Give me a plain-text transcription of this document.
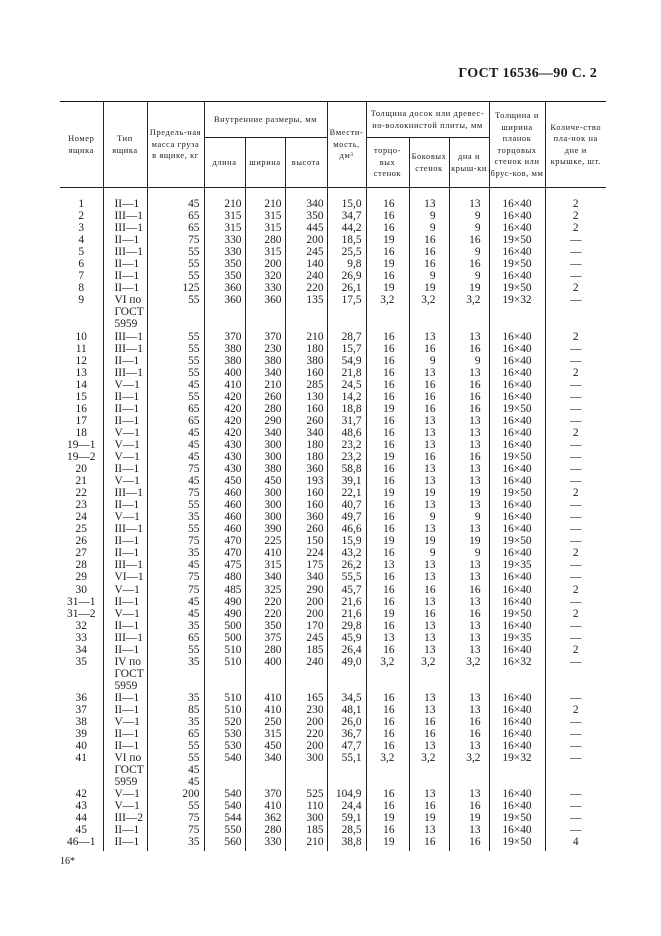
ГОСТ 16536—90 С. 2
Номер ящика	Тип ящика	Предель-ная масса груза в ящике, кг	Внутренние размеры, мм			Вмести-мость, дм³	Толщина досок или древес-но-волокнистой плиты, мм			Толщина и ширина планок торцовых стенок или брус-ков, мм	Количе-ство пла-нок на дне и крышке, шт.
			длина	ширина	высота		торцо-вых стенок	Боковых стенок	дна и крыш-ки		
1	II—1	45	210	210	340	15,0	16	13	13	16×40	2
2	III—1	65	315	315	350	34,7	16	9	9	16×40	2
3	III—1	65	315	315	445	44,2	16	9	9	16×40	2
4	II—1	75	330	280	200	18,5	19	16	16	19×50	—
5	III—1	55	330	315	245	25,5	16	16	9	16×40	—
6	II—1	55	350	200	140	9,8	19	16	16	19×50	—
7	II—1	55	350	320	240	26,9	16	9	9	16×40	—
8	II—1	125	360	330	220	26,1	19	19	19	19×50	2
9	VI по	55	360	360	135	17,5	3,2	3,2	3,2	19×32	—
	ГОСТ										
	5959										
10	III—1	55	370	370	210	28,7	16	13	13	16×40	2
11	III—1	55	380	230	180	15,7	16	16	16	16×40	—
12	II—1	55	380	380	380	54,9	16	9	9	16×40	—
13	III—1	55	400	340	160	21,8	16	13	13	16×40	2
14	V—1	45	410	210	285	24,5	16	16	16	16×40	—
15	II—1	55	420	260	130	14,2	16	16	16	16×40	—
16	II—1	65	420	280	160	18,8	19	16	16	19×50	—
17	II—1	65	420	290	260	31,7	16	13	13	16×40	—
18	V—1	45	420	340	340	48,6	16	13	13	16×40	2
19—1	V—1	45	430	300	180	23,2	16	13	13	16×40	—
19—2	V—1	45	430	300	180	23,2	19	16	16	19×50	—
20	II—1	75	430	380	360	58,8	16	13	13	16×40	—
21	V—1	45	450	450	193	39,1	16	13	13	16×40	—
22	III—1	75	460	300	160	22,1	19	19	19	19×50	2
23	II—1	55	460	300	160	40,7	16	13	13	16×40	—
24	V—1	35	460	300	360	49,7	16	9	9	16×40	—
25	III—1	55	460	390	260	46,6	16	13	13	16×40	—
26	II—1	75	470	225	150	15,9	19	19	19	19×50	—
27	II—1	35	470	410	224	43,2	16	9	9	16×40	2
28	III—1	45	475	315	175	26,2	13	13	13	19×35	—
29	VI—1	75	480	340	340	55,5	16	13	13	16×40	—
30	V—1	75	485	325	290	45,7	16	16	16	16×40	2
31—1	II—1	45	490	220	200	21,6	16	13	13	16×40	—
31—2	V—1	45	490	220	200	21,6	19	16	16	19×50	2
32	II—1	35	500	350	170	29,8	16	13	13	16×40	—
33	III—1	65	500	375	245	45,9	13	13	13	19×35	—
34	II—1	55	510	280	185	26,4	16	13	13	16×40	2
35	IV по	35	510	400	240	49,0	3,2	3,2	3,2	16×32	—
	ГОСТ										
	5959										
36	II—1	35	510	410	165	34,5	16	13	13	16×40	—
37	II—1	85	510	410	230	48,1	16	13	13	16×40	2
38	V—1	35	520	250	200	26,0	16	16	16	16×40	—
39	II—1	65	530	315	220	36,7	16	16	16	16×40	—
40	II—1	55	530	450	200	47,7	16	13	13	16×40	—
41	VI по	55	540	340	300	55,1	3,2	3,2	3,2	19×32	—
	ГОСТ	45									
	5959	45									
42	V—1	200	540	370	525	104,9	16	13	13	16×40	—
43	V—1	55	540	410	110	24,4	16	16	16	16×40	—
44	III—2	75	544	362	300	59,1	19	19	19	19×50	—
45	II—1	75	550	280	185	28,5	16	13	13	16×40	—
46—1	II—1	35	560	330	210	38,8	19	16	16	19×50	4
16*
